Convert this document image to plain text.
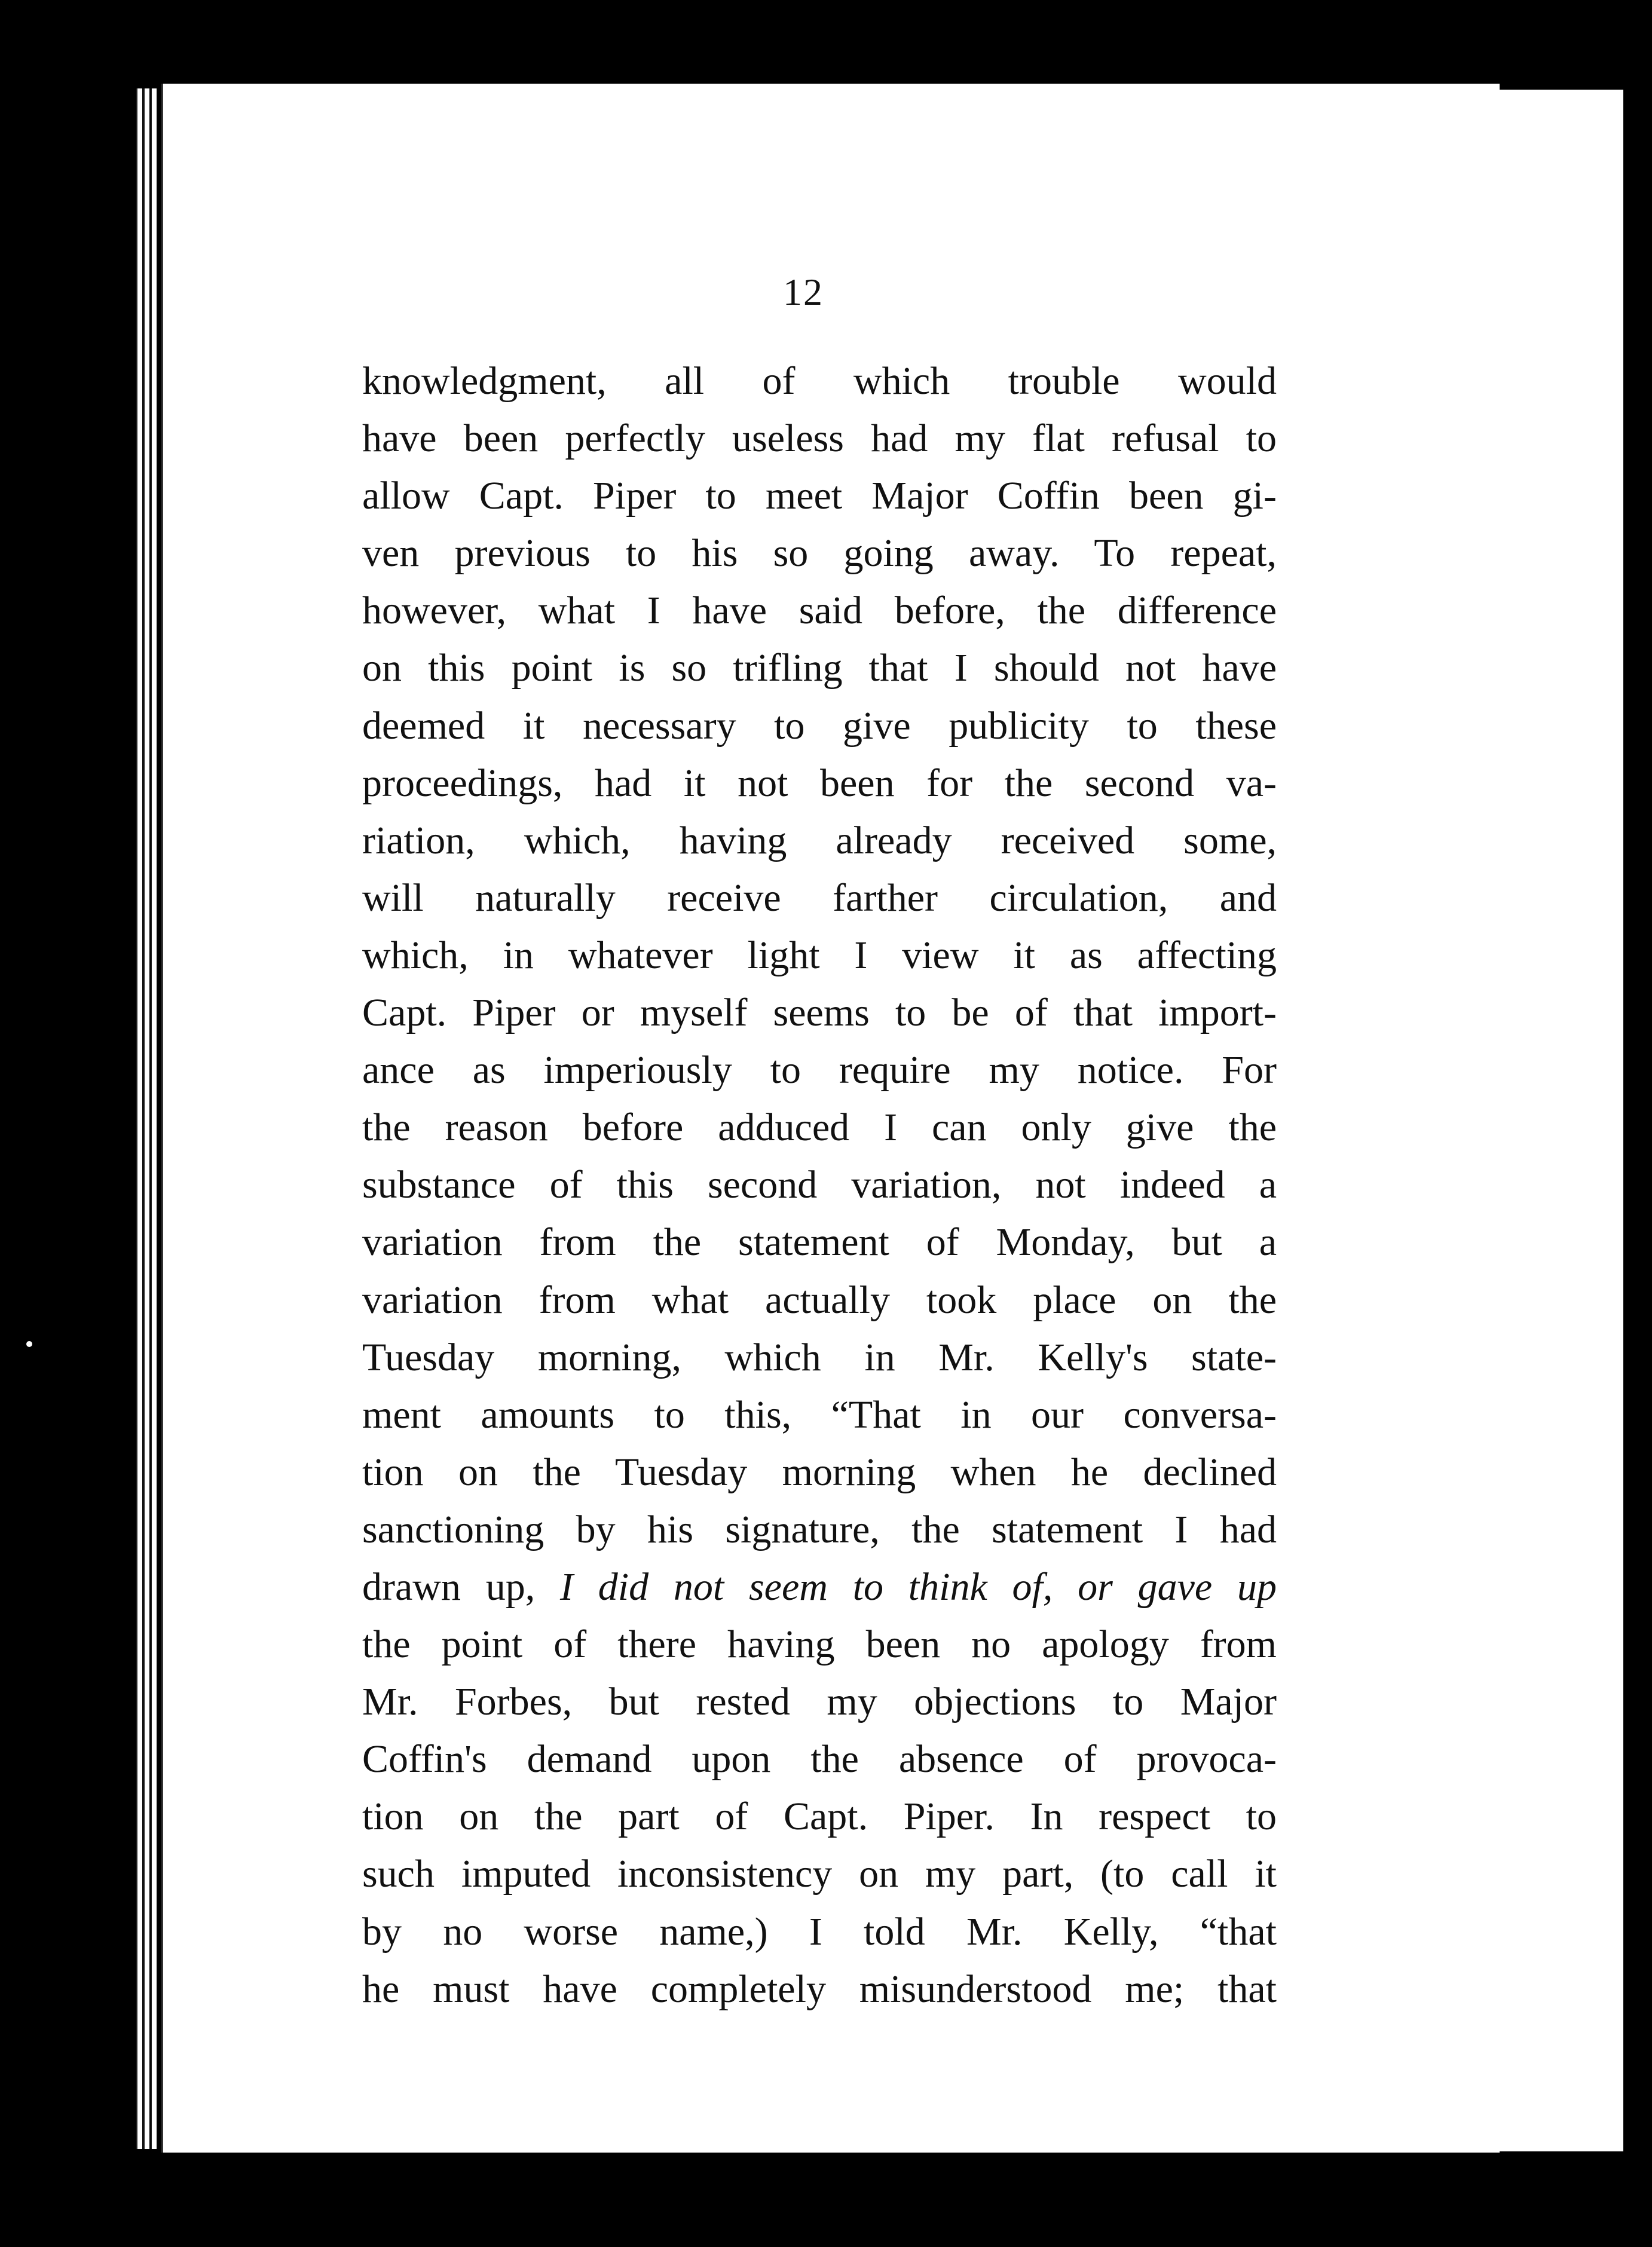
12
knowledgment, all of which trouble would
have been perfectly useless had my flat refusal to
allow Capt. Piper to meet Major Coffin been gi-
ven previous to his so going away. To repeat,
however, what I have said before, the difference
on this point is so trifling that I should not have
deemed it necessary to give publicity to these
proceedings, had it not been for the second va-
riation, which, having already received some,
will naturally receive farther circulation, and
which, in whatever light I view it as affecting
Capt. Piper or myself seems to be of that import-
ance as imperiously to require my notice. For
the reason before adduced I can only give the
substance of this second variation, not indeed a
variation from the statement of Monday, but a
variation from what actually took place on the
Tuesday morning, which in Mr. Kelly's state-
ment amounts to this, “That in our conversa-
tion on the Tuesday morning when he declined
sanctioning by his signature, the statement I had
drawn up, I did not seem to think of, or gave up
the point of there having been no apology from
Mr. Forbes, but rested my objections to Major
Coffin's demand upon the absence of provoca-
tion on the part of Capt. Piper. In respect to
such imputed inconsistency on my part, (to call it
by no worse name,) I told Mr. Kelly, “that
he must have completely misunderstood me; that
